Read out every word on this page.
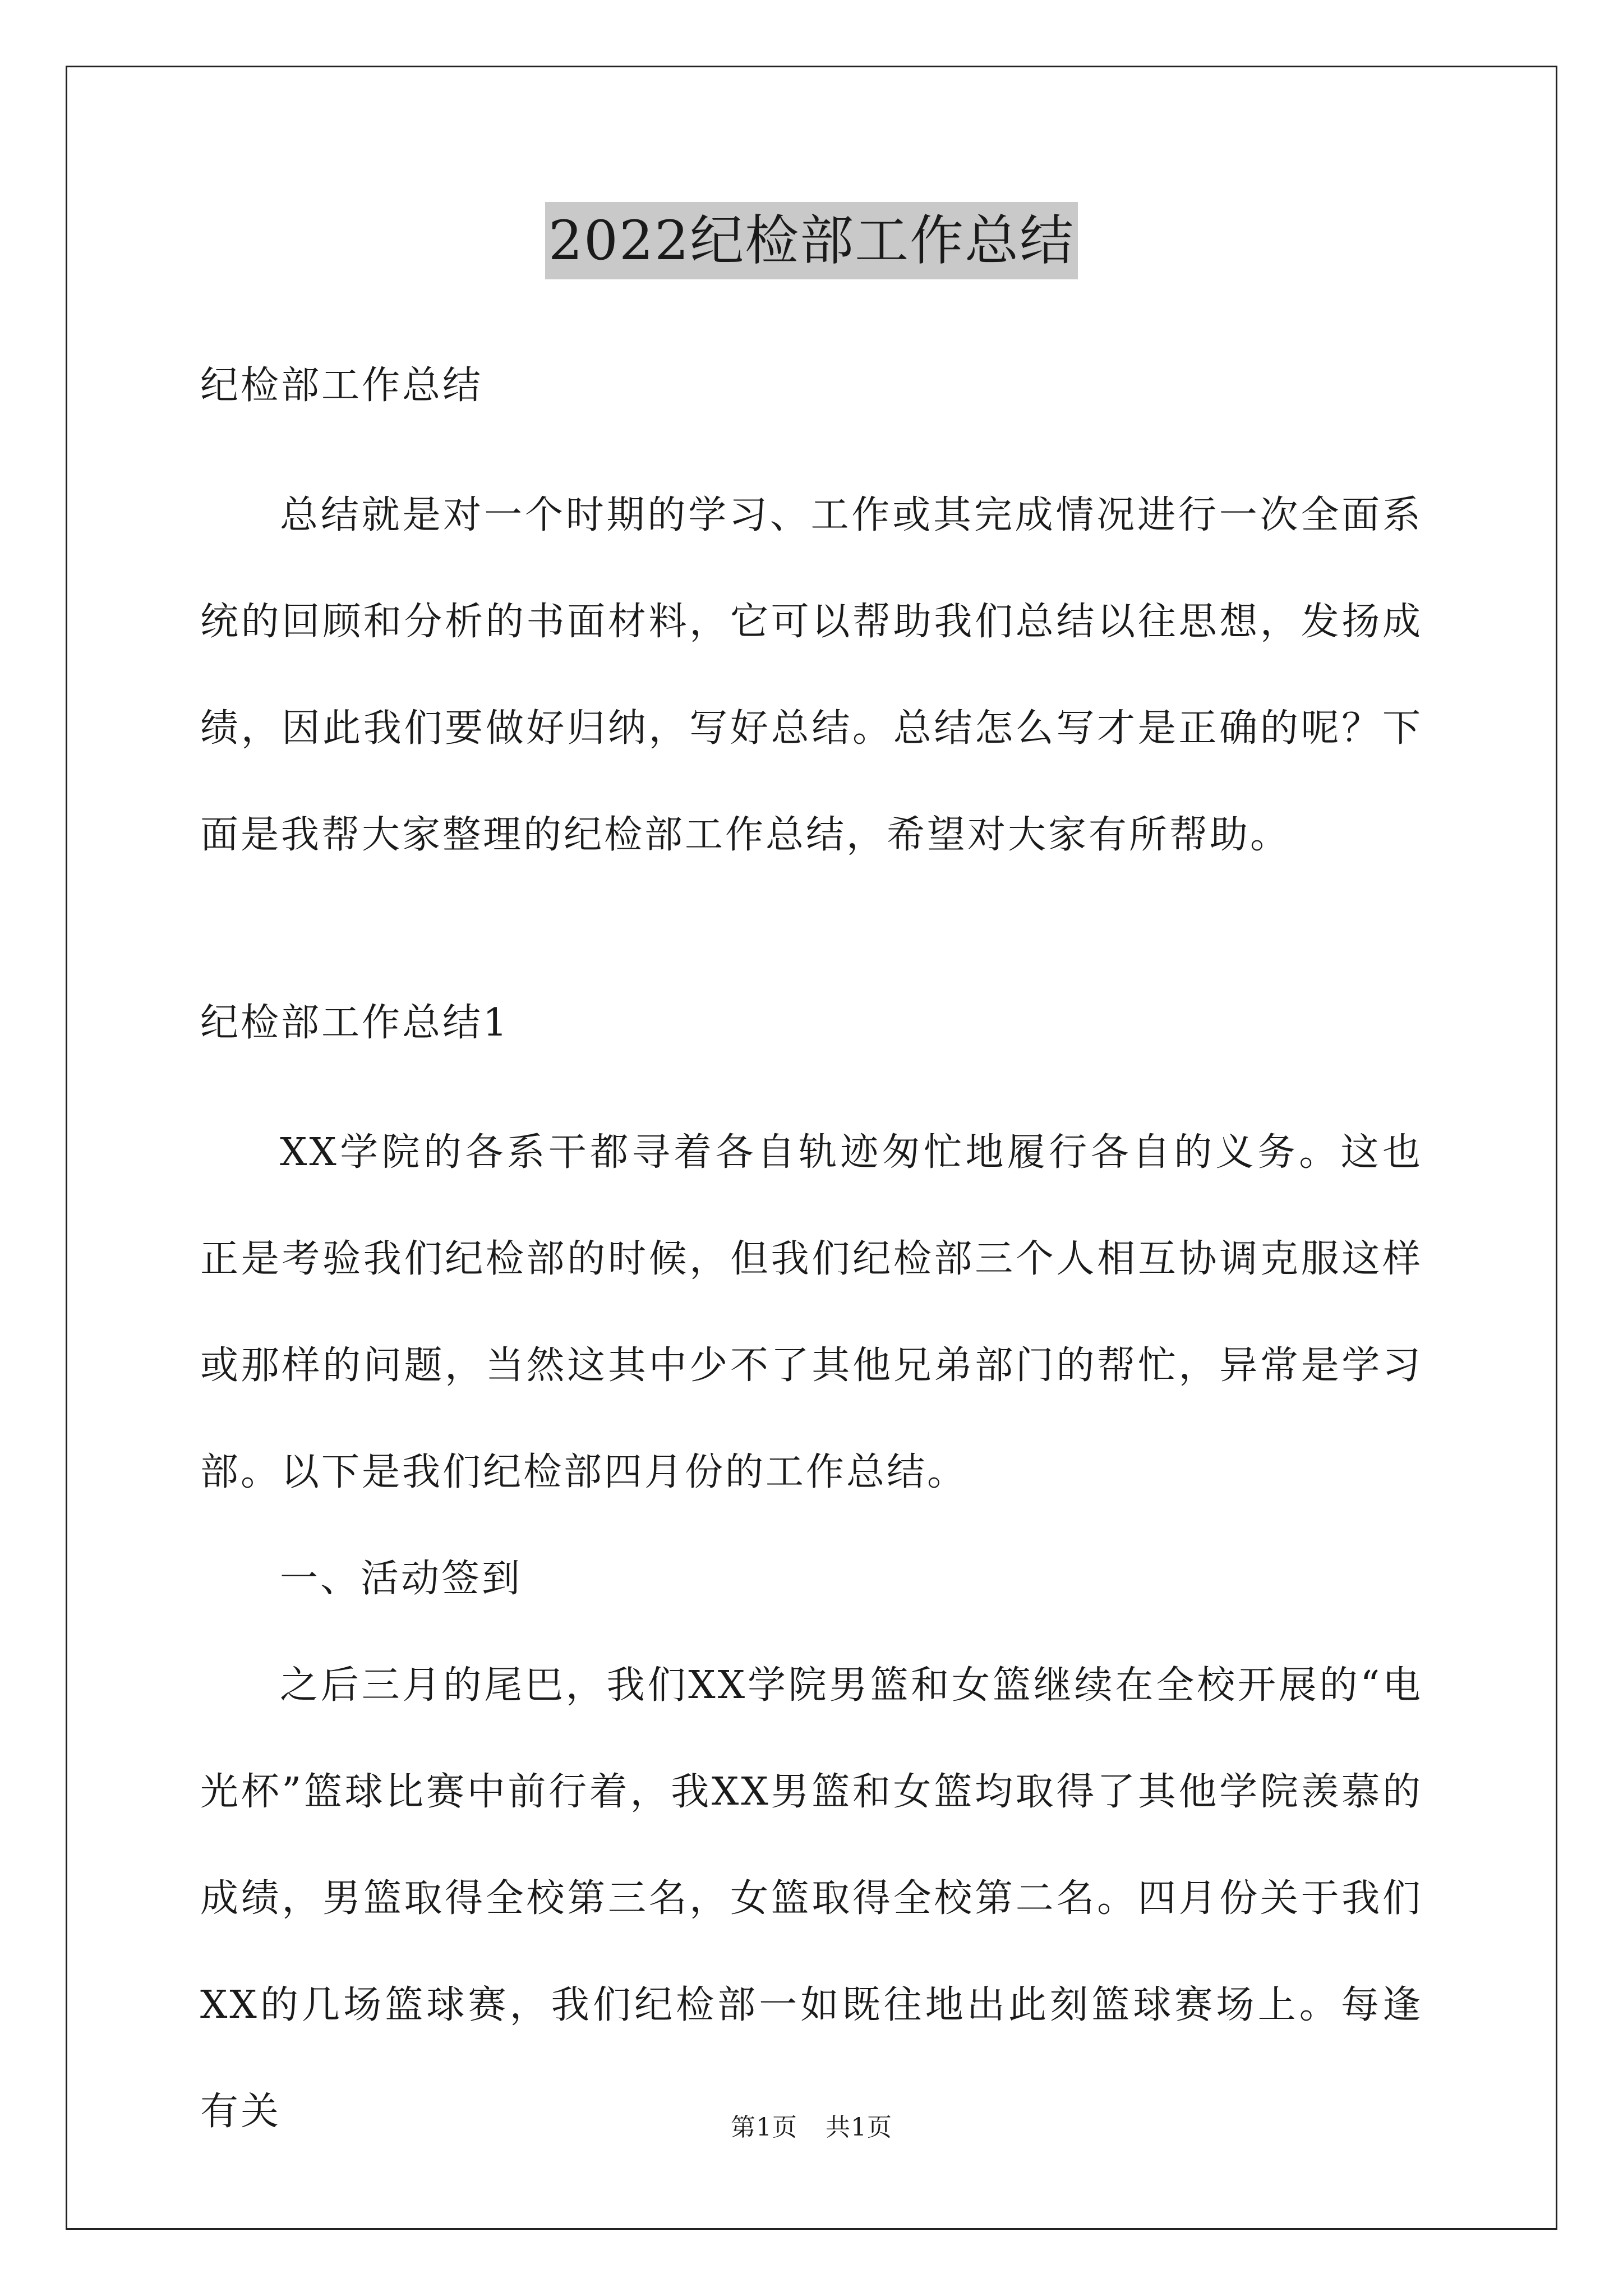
2022纪检部工作总结

纪检部工作总结

总结就是对一个时期的学习、工作或其完成情况进行一次全面系统的回顾和分析的书面材料，它可以帮助我们总结以往思想，发扬成绩，因此我们要做好归纳，写好总结。总结怎么写才是正确的呢？下面是我帮大家整理的纪检部工作总结，希望对大家有所帮助。

纪检部工作总结1

XX学院的各系干都寻着各自轨迹匆忙地履行各自的义务。这也正是考验我们纪检部的时候，但我们纪检部三个人相互协调克服这样或那样的问题，当然这其中少不了其他兄弟部门的帮忙，异常是学习部。以下是我们纪检部四月份的工作总结。

一、活动签到

之后三月的尾巴，我们XX学院男篮和女篮继续在全校开展的“电光杯”篮球比赛中前行着，我XX男篮和女篮均取得了其他学院羡慕的成绩，男篮取得全校第三名，女篮取得全校第二名。四月份关于我们XX的几场篮球赛，我们纪检部一如既往地出此刻篮球赛场上。每逢有关	第1页 共1页
